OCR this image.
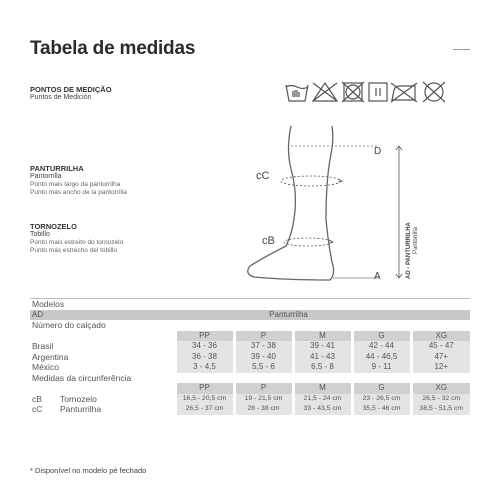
Tabela de medidas
PONTOS DE MEDIÇÃO
Puntos de Medición
PANTURRILHA
Pantorrilla
Ponto mais largo da panturrilha
Punto más ancho de la pantorrilla
TORNOZELO
Tobillo
Ponto mais estreito do tornozelo
Punto más estrecho del tobillo
cC
cB
D
A	AD - PANTURRILHA Pantorrilla
Modelos						
AD		Panturrilha				
Número do calçado						
		PP	P	M	G	XG
Brasil		34 - 36	37 - 38	39 - 41	42 - 44	45 - 47
Argentina		36 - 38	39 - 40	41 - 43	44 - 46,5	47+
México		3 - 4,5	5,5 - 6	6,5 - 8	9 - 11	12+
Medidas da circunferência						
		PP	P	M	G	XG
cB	Tornozelo	16,5 - 20,5 cm	19 - 21,5 cm	21,5 - 24 cm	23 - 26,5 cm	26,5 - 32 cm
cC	Panturrilha	26,5 - 37 cm	28 - 38 cm	33 - 43,5 cm	35,5 - 46 cm	38,5 - 51,5 cm
* Disponível no modelo pé fechado
